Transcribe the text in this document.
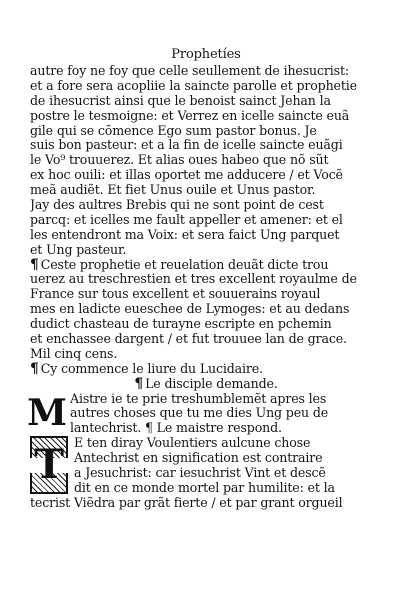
Prophetíes
autre foy ne foy que celle seullement de ihesucrist:
et a fore sera acopliie la saincte parolle et prophetie
de ihesucrist ainsi que le benoist sainct Jehan la
postre le tesmoigne: et Verrez en icelle saincte euã
gile qui se cõmence Ego sum pastor bonus. Je
suis bon pasteur: et a la fin de icelle saincte euãgi
le Vo⁹ trouuerez. Et alias oues habeo que nõ sũt
ex hoc ouili: et illas oportet me adducere / et Vocẽ
meã audiẽt. Et fiet Unus ouile et Unus pastor.
Jay des aultres Brebis qui ne sont point de cest
parcq: et icelles me fault appeller et amener: et el
les entendront ma Voix: et sera faict Ung parquet
et Ung pasteur.
¶ Ceste prophetie et reuelation deuãt dicte trou
uerez au treschrestien et tres excellent royaulme de
France sur tous excellent et souuerains royaul
mes en ladicte eueschee de Lymoges: et au dedans
dudict chasteau de turayne escripte en pchemin
et enchassee dargent / et fut trouuee lan de grace.
Mil cinq cens.
¶ Cy commence le liure du Lucidaire.
¶ Le disciple demande.
M Aistre ie te prie treshumblemẽt apres les
autres choses que tu me dies Ung peu de
lantechrist. ¶ Le maistre respond.
T E ten diray Voulentiers aulcune chose
Antechrist en signification est contraire
a Jesuchrist: car iesuchrist Vint et descẽ
dit en ce monde mortel par humilite: et la
tecrist Viẽdra par grãt fierte / et par grant orgueil
